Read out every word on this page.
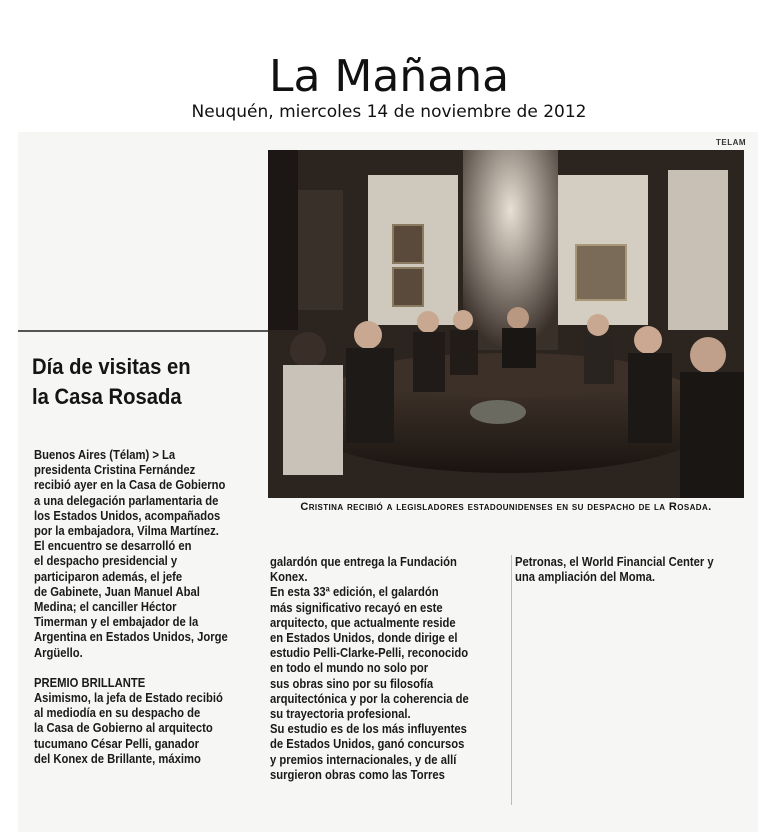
La Mañana
Neuquén, miercoles 14 de noviembre de 2012
TELAM
Cristina recibió a legisladores estadounidenses en su despacho de la Rosada.
Día de visitas en
la Casa Rosada

Buenos Aires (Télam) > La

presidenta Cristina Fernández

recibió ayer en la Casa de Gobierno

a una delegación parlamentaria de

los Estados Unidos, acompañados

por la embajadora, Vilma Martínez.

El encuentro se desarrolló en

el despacho presidencial y

participaron además, el jefe

de Gabinete, Juan Manuel Abal

Medina; el canciller Héctor

Timerman y el embajador de la

Argentina en Estados Unidos, Jorge

Argüello.

PREMIO BRILLANTE

Asimismo, la jefa de Estado recibió

al mediodía en su despacho de

la Casa de Gobierno al arquitecto

tucumano César Pelli, ganador

del Konex de Brillante, máximo

galardón que entrega la Fundación

Konex.

En esta 33ª edición, el galardón

más significativo recayó en este

arquitecto, que actualmente reside

en Estados Unidos, donde dirige el

estudio Pelli-Clarke-Pelli, reconocido

en todo el mundo no solo por

sus obras sino por su filosofía

arquitectónica y por la coherencia de

su trayectoria profesional.

Su estudio es de los más influyentes

de Estados Unidos, ganó concursos

y premios internacionales, y de allí

surgieron obras como las Torres

Petronas, el World Financial Center y

una ampliación del Moma.
